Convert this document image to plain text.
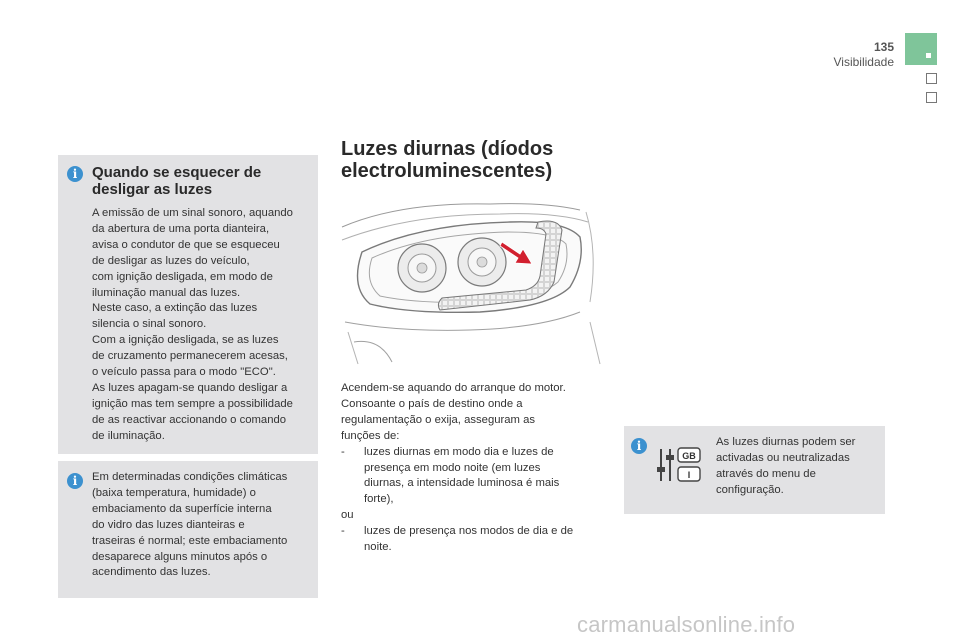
135
Visibilidade
i Quando se esquecer de
desligar as luzes
A emissão de um sinal sonoro, aquando
da abertura de uma porta dianteira,
avisa o condutor de que se esqueceu
de desligar as luzes do veículo,
com ignição desligada, em modo de
iluminação manual das luzes.
Neste caso, a extinção das luzes
silencia o sinal sonoro.
Com a ignição desligada, se as luzes
de cruzamento permanecerem acesas,
o veículo passa para o modo "ECO".
As luzes apagam-se quando desligar a
ignição mas tem sempre a possibilidade
de as reactivar accionando o comando
de iluminação.
i	Em determinadas condições climáticas
(baixa temperatura, humidade) o
embaciamento da superfície interna
do vidro das luzes dianteiras e
traseiras é normal; este embaciamento
desaparece alguns minutos após o
acendimento das luzes.
Luzes diurnas (díodos
electroluminescentes)
Acendem-se aquando do arranque do motor.
Consoante o país de destino onde a
regulamentação o exija, asseguram as
funções de:
- luzes diurnas em modo dia e luzes de
presença em modo noite (em luzes
diurnas, a intensidade luminosa é mais
forte),
ou
- luzes de presença nos modos de dia e de
noite.
i
GB
I
As luzes diurnas podem ser
activadas ou neutralizadas
através do menu de
configuração.
carmanualsonline.info
